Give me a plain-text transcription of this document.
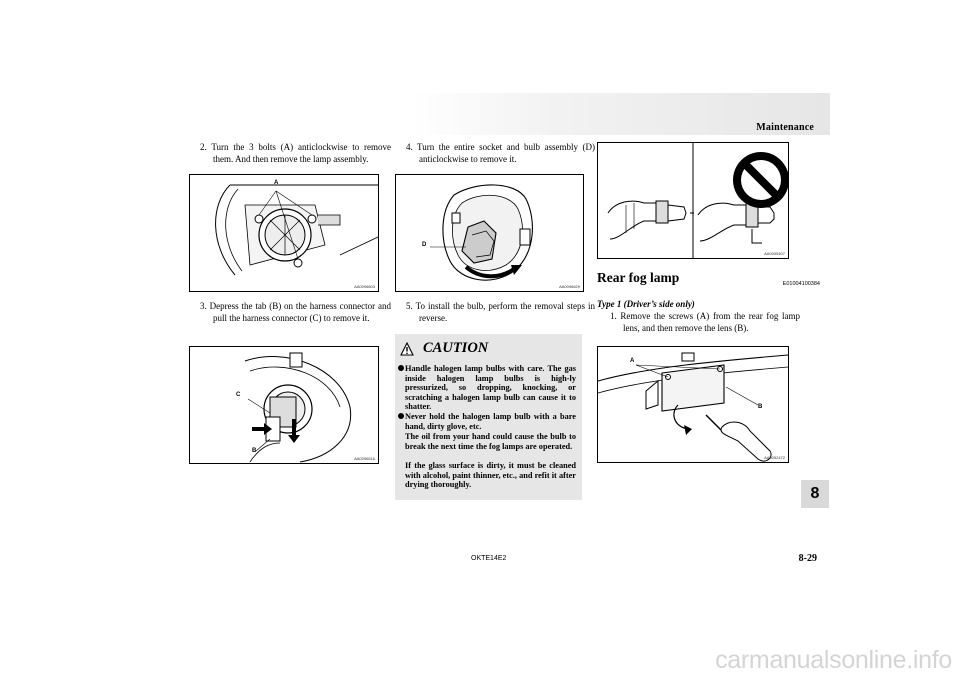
Maintenance
2. Turn the 3 bolts (A) anticlockwise to remove them. And then remove the lamp assembly.
A
AA0096603
3. Depress the tab (B) on the harness connector and pull the harness connector (C) to remove it.
C
B
AA0096616
4. Turn the entire socket and bulb assembly (D) anticlockwise to remove it.
D
AA0096629
5. To install the bulb, perform the removal steps in reverse.
CAUTION
Handle halogen lamp bulbs with care. The gas inside halogen lamp bulbs is high-ly pressurized, so dropping, knocking, or scratching a halogen lamp bulb can cause it to shatter.
Never hold the halogen lamp bulb with a bare hand, dirty glove, etc.
The oil from your hand could cause the bulb to break the next time the fog lamps are operated.
If the glass surface is dirty, it must be cleaned with alcohol, paint thinner, etc., and refit it after drying thoroughly.
AA0005407
Rear fog lamp	E01004100384
Type 1 (Driver’s side only)
1. Remove the screws (A) from the rear fog lamp lens, and then remove the lens (B).
A
B
AA0052472
8
OKTE14E2	8-29
carmanualsonline.info
